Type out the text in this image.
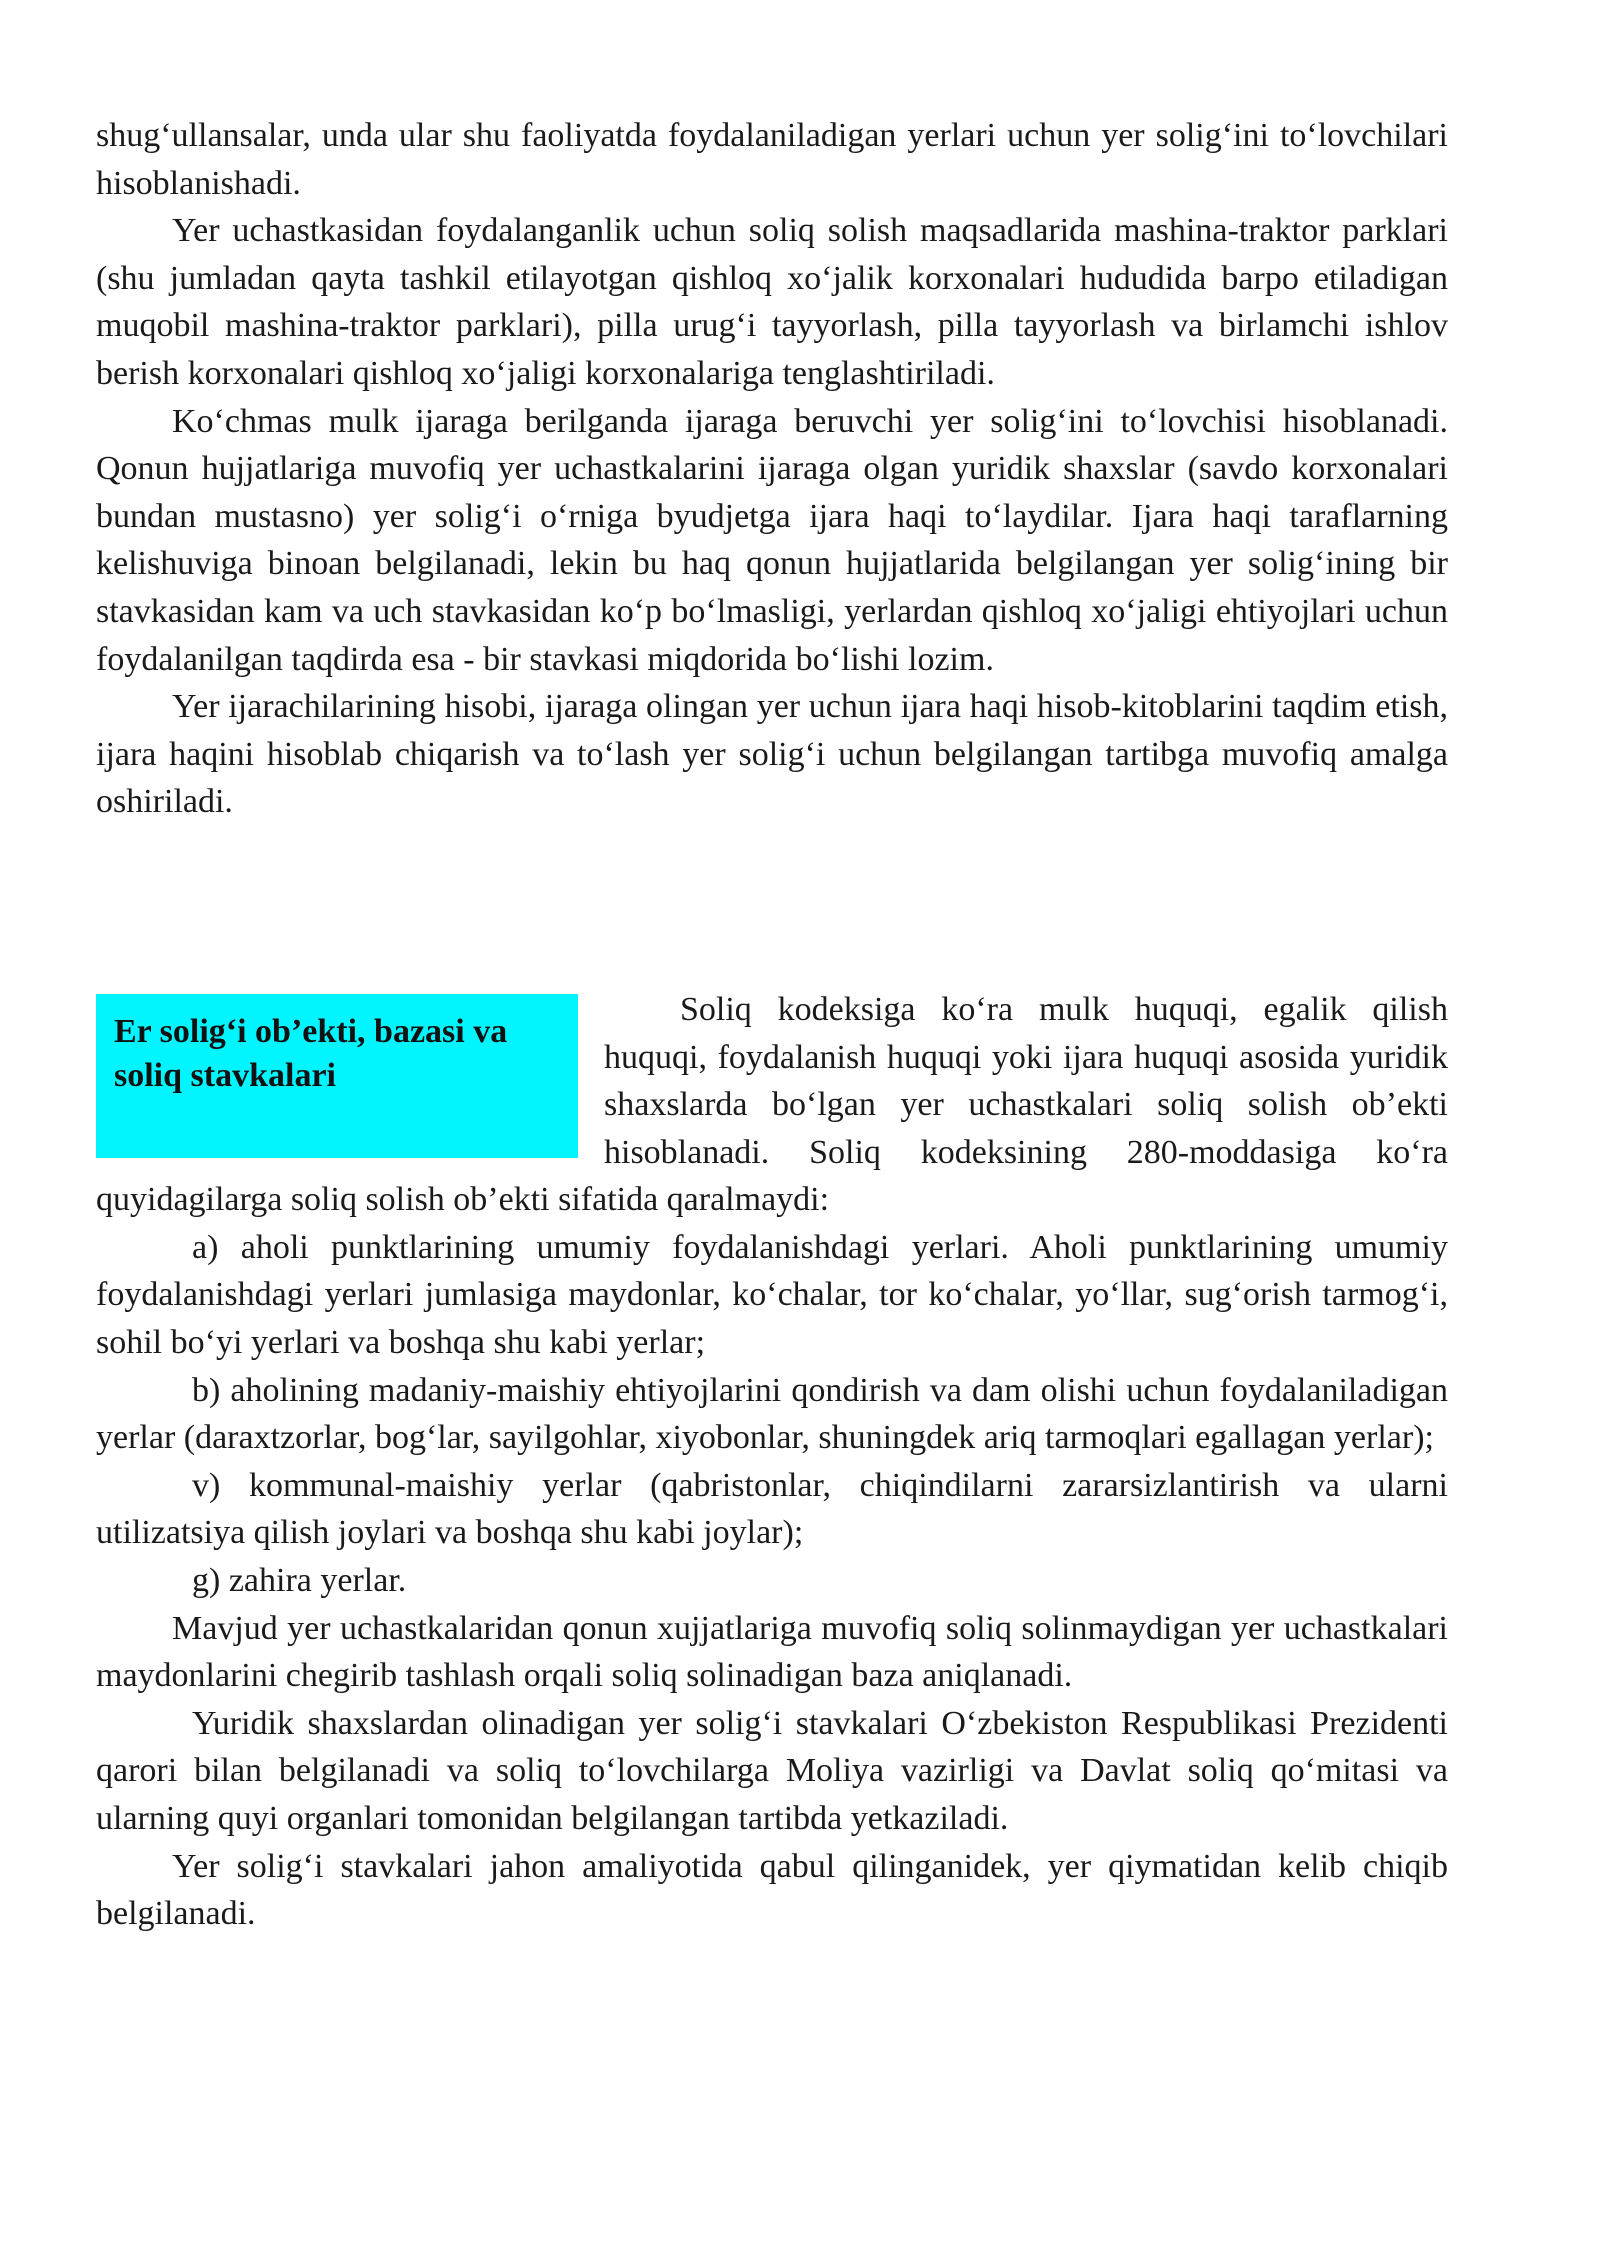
shug‘ullansalar, unda ular shu faoliyatda foydalaniladigan yerlari uchun yer solig‘ini to‘lovchilari hisoblanishadi.

Yer uchastkasidan foydalanganlik uchun soliq solish maqsadlarida mashina-traktor parklari (shu jumladan qayta tashkil etilayotgan qishloq xo‘jalik korxonalari hududida barpo etiladigan muqobil mashina-traktor parklari), pilla urug‘i tayyorlash, pilla tayyorlash va birlamchi ishlov berish korxonalari qishloq xo‘jaligi korxonalariga tenglashtiriladi.

Ko‘chmas mulk ijaraga berilganda ijaraga beruvchi yer solig‘ini to‘lovchisi hisoblanadi. Qonun hujjatlariga muvofiq yer uchastkalarini ijaraga olgan yuridik shaxslar (savdo korxonalari bundan mustasno) yer solig‘i o‘rniga byudjetga ijara haqi to‘laydilar. Ijara haqi taraflarning kelishuviga binoan belgilanadi, lekin bu haq qonun hujjatlarida belgilangan yer solig‘ining bir stavkasidan kam va uch stavkasidan ko‘p bo‘lmasligi, yerlardan qishloq xo‘jaligi ehtiyojlari uchun foydalanilgan taqdirda esa - bir stavkasi miqdorida bo‘lishi lozim.

Yer ijarachilarining hisobi, ijaraga olingan yer uchun ijara haqi hisob-kitoblarini taqdim etish, ijara haqini hisoblab chiqarish va to‘lash yer solig‘i uchun belgilangan tartibga muvofiq amalga oshiriladi.

Er solig‘i ob’ekti, bazasi va soliq stavkalari

Soliq kodeksiga ko‘ra mulk huquqi, egalik qilish huquqi, foydalanish huquqi yoki ijara huquqi asosida yuridik shaxslarda bo‘lgan yer uchastkalari soliq solish ob’ekti hisoblanadi. Soliq kodeksining 280-moddasiga ko‘ra quyidagilarga soliq solish ob’ekti sifatida qaralmaydi:

a) aholi punktlarining umumiy foydalanishdagi yerlari. Aholi punktlarining umumiy foydalanishdagi yerlari jumlasiga maydonlar, ko‘chalar, tor ko‘chalar, yo‘llar, sug‘orish tarmog‘i, sohil bo‘yi yerlari va boshqa shu kabi yerlar;

b) aholining madaniy-maishiy ehtiyojlarini qondirish va dam olishi uchun foydalaniladigan yerlar (daraxtzorlar, bog‘lar, sayilgohlar, xiyobonlar, shuningdek ariq tarmoqlari egallagan yerlar);

v) kommunal-maishiy yerlar (qabristonlar, chiqindilarni zararsizlantirish va ularni utilizatsiya qilish joylari va boshqa shu kabi joylar);

g) zahira yerlar.

Mavjud yer uchastkalaridan qonun xujjatlariga muvofiq soliq solinmaydigan yer uchastkalari maydonlarini chegirib tashlash orqali soliq solinadigan baza aniqlanadi.

Yuridik shaxslardan olinadigan yer solig‘i stavkalari O‘zbekiston Respublikasi Prezidenti qarori bilan belgilanadi va soliq to‘lovchilarga Moliya vazirligi va Davlat soliq qo‘mitasi va ularning quyi organlari tomonidan belgilangan tartibda yetkaziladi.

Yer solig‘i stavkalari jahon amaliyotida qabul qilinganidek, yer qiymatidan kelib chiqib belgilanadi.
